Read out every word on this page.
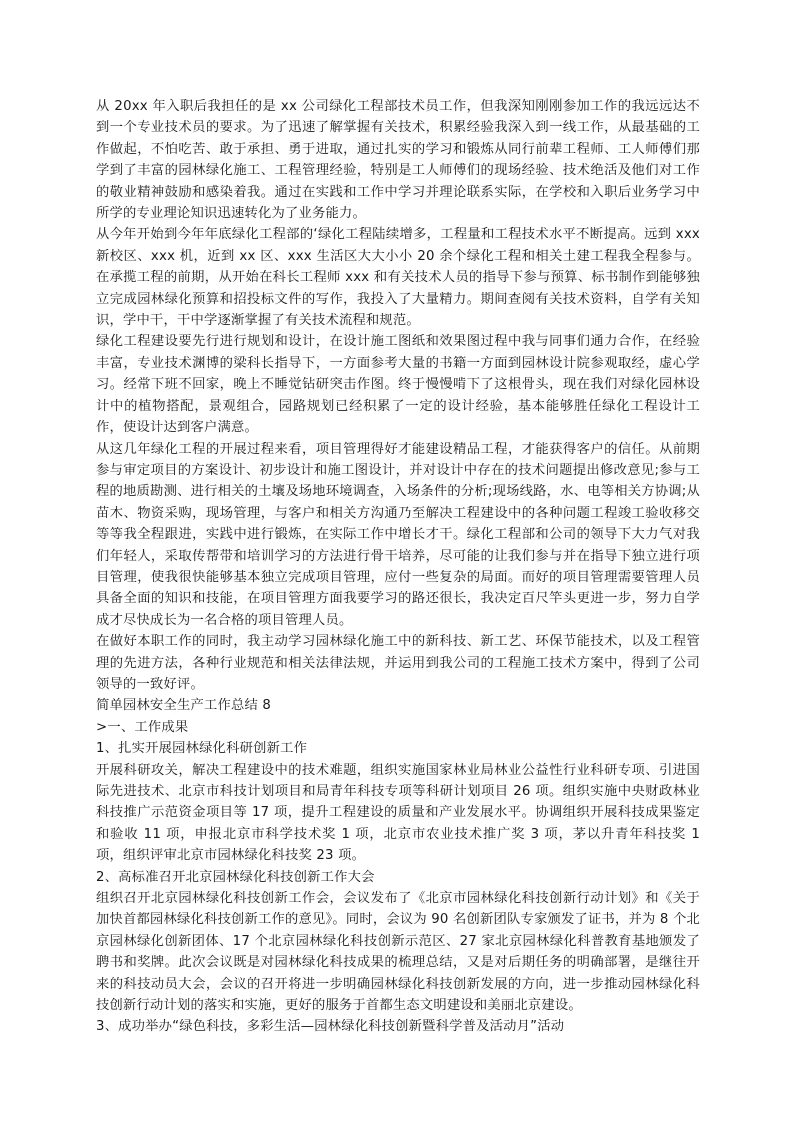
从 20xx 年入职后我担任的是 xx 公司绿化工程部技术员工作，但我深知刚刚参加工作的我远远达不到一个专业技术员的要求。为了迅速了解掌握有关技术，积累经验我深入到一线工作，从最基础的工作做起，不怕吃苦、敢于承担、勇于进取，通过扎实的学习和锻炼从同行前辈工程师、工人师傅们那学到了丰富的园林绿化施工、工程管理经验，特别是工人师傅们的现场经验、技术绝活及他们对工作的敬业精神鼓励和感染着我。通过在实践和工作中学习并理论联系实际，在学校和入职后业务学习中所学的专业理论知识迅速转化为了业务能力。

从今年开始到今年年底绿化工程部的‘绿化工程陆续增多，工程量和工程技术水平不断提高。远到 xxx 新校区、xxx 机，近到 xx 区、xxx 生活区大大小小 20 余个绿化工程和相关土建工程我全程参与。在承揽工程的前期，从开始在科长工程师 xxx 和有关技术人员的指导下参与预算、标书制作到能够独立完成园林绿化预算和招投标文件的写作，我投入了大量精力。期间查阅有关技术资料，自学有关知识，学中干，干中学逐渐掌握了有关技术流程和规范。

绿化工程建设要先行进行规划和设计，在设计施工图纸和效果图过程中我与同事们通力合作，在经验丰富，专业技术渊博的梁科长指导下，一方面参考大量的书籍一方面到园林设计院参观取经，虚心学习。经常下班不回家，晚上不睡觉钻研突击作图。终于慢慢啃下了这根骨头，现在我们对绿化园林设计中的植物搭配，景观组合，园路规划已经积累了一定的设计经验，基本能够胜任绿化工程设计工作，使设计达到客户满意。

从这几年绿化工程的开展过程来看，项目管理得好才能建设精品工程，才能获得客户的信任。从前期参与审定项目的方案设计、初步设计和施工图设计，并对设计中存在的技术问题提出修改意见;参与工程的地质勘测、进行相关的土壤及场地环境调查，入场条件的分析;现场线路，水、电等相关方协调;从苗木、物资采购，现场管理，与客户和相关方沟通乃至解决工程建设中的各种问题工程竣工验收移交等等我全程跟进，实践中进行锻炼，在实际工作中增长才干。绿化工程部和公司的领导下大力气对我们年轻人，采取传帮带和培训学习的方法进行骨干培养，尽可能的让我们参与并在指导下独立进行项目管理，使我很快能够基本独立完成项目管理，应付一些复杂的局面。而好的项目管理需要管理人员具备全面的知识和技能，在项目管理方面我要学习的路还很长，我决定百尺竿头更进一步，努力自学成才尽快成长为一名合格的项目管理人员。

在做好本职工作的同时，我主动学习园林绿化施工中的新科技、新工艺、环保节能技术，以及工程管理的先进方法，各种行业规范和相关法律法规，并运用到我公司的工程施工技术方案中，得到了公司领导的一致好评。

简单园林安全生产工作总结 8

>一、工作成果

1、扎实开展园林绿化科研创新工作

开展科研攻关，解决工程建设中的技术难题，组织实施国家林业局林业公益性行业科研专项、引进国际先进技术、北京市科技计划项目和局青年科技专项等科研计划项目 26 项。组织实施中央财政林业科技推广示范资金项目等 17 项，提升工程建设的质量和产业发展水平。协调组织开展科技成果鉴定和验收 11 项，申报北京市科学技术奖 1 项，北京市农业技术推广奖 3 项，茅以升青年科技奖 1 项，组织评审北京市园林绿化科技奖 23 项。

2、高标准召开北京园林绿化科技创新工作大会

组织召开北京园林绿化科技创新工作会，会议发布了《北京市园林绿化科技创新行动计划》和《关于加快首都园林绿化科技创新工作的意见》。同时，会议为 90 名创新团队专家颁发了证书，并为 8 个北京园林绿化创新团体、17 个北京园林绿化科技创新示范区、27 家北京园林绿化科普教育基地颁发了聘书和奖牌。此次会议既是对园林绿化科技成果的梳理总结，又是对后期任务的明确部署，是继往开来的科技动员大会，会议的召开将进一步明确园林绿化科技创新发展的方向，进一步推动园林绿化科技创新行动计划的落实和实施，更好的服务于首都生态文明建设和美丽北京建设。

3、成功举办“绿色科技，多彩生活—园林绿化科技创新暨科学普及活动月”活动
